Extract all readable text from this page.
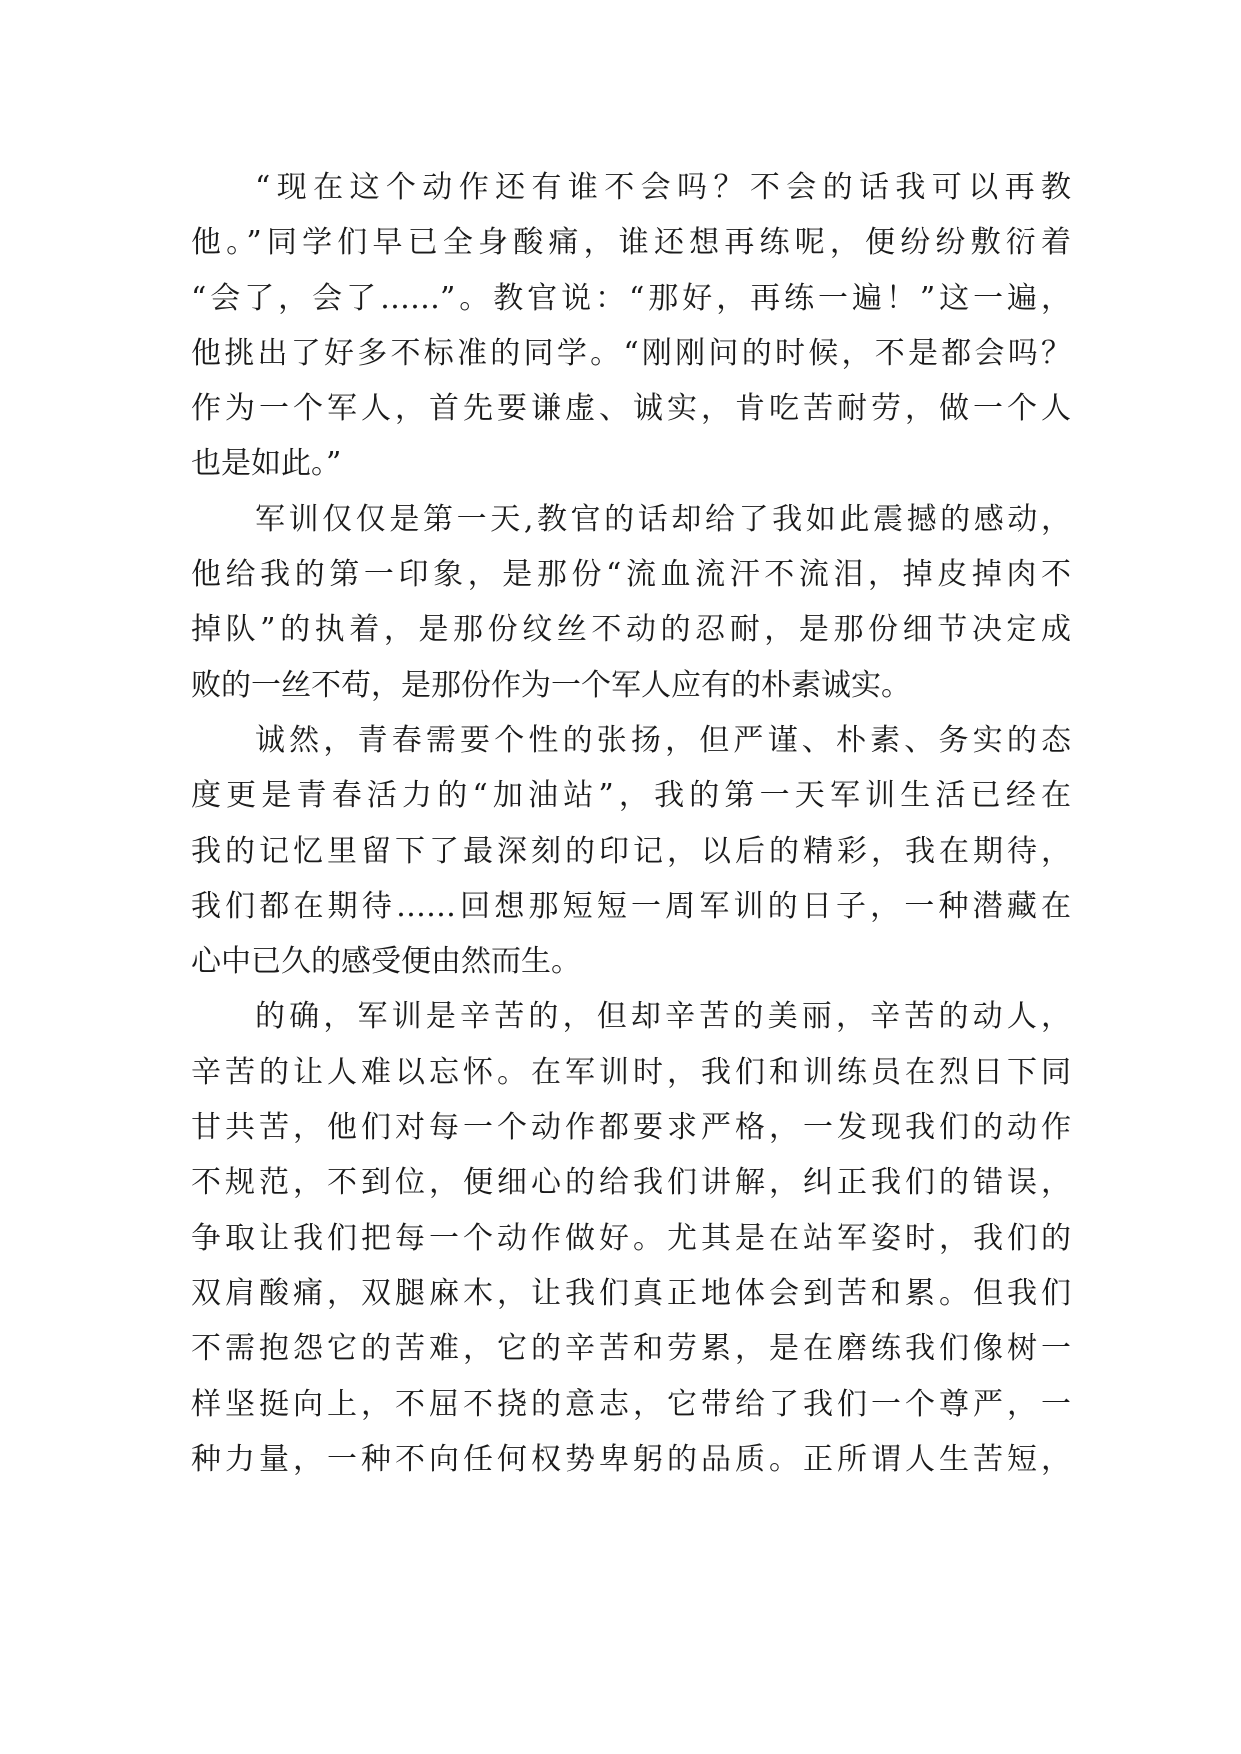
“现在这个动作还有谁不会吗？不会的话我可以再教
他。”同学们早已全身酸痛，谁还想再练呢，便纷纷敷衍着
“会了，会了……”。教官说：“那好，再练一遍！”这一遍，
他挑出了好多不标准的同学。“刚刚问的时候，不是都会吗？
作为一个军人，首先要谦虚、诚实，肯吃苦耐劳，做一个人
也是如此。”
军训仅仅是第一天,教官的话却给了我如此震撼的感动，
他给我的第一印象，是那份“流血流汗不流泪，掉皮掉肉不
掉队”的执着，是那份纹丝不动的忍耐，是那份细节决定成
败的一丝不苟，是那份作为一个军人应有的朴素诚实。
诚然，青春需要个性的张扬，但严谨、朴素、务实的态
度更是青春活力的“加油站”，我的第一天军训生活已经在
我的记忆里留下了最深刻的印记，以后的精彩，我在期待，
我们都在期待……回想那短短一周军训的日子，一种潜藏在
心中已久的感受便由然而生。
的确，军训是辛苦的，但却辛苦的美丽，辛苦的动人，
辛苦的让人难以忘怀。在军训时，我们和训练员在烈日下同
甘共苦，他们对每一个动作都要求严格，一发现我们的动作
不规范，不到位，便细心的给我们讲解，纠正我们的错误，
争取让我们把每一个动作做好。尤其是在站军姿时，我们的
双肩酸痛，双腿麻木，让我们真正地体会到苦和累。但我们
不需抱怨它的苦难，它的辛苦和劳累，是在磨练我们像树一
样坚挺向上，不屈不挠的意志，它带给了我们一个尊严，一
种力量，一种不向任何权势卑躬的品质。正所谓人生苦短，
